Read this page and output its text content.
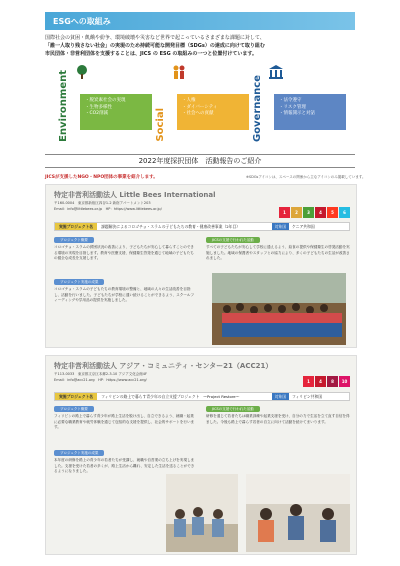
ESGへの取組み
国際社会の貧困・飢餓や紛争、環境破壊や災害など世界で起こっているさまざまな課題に対して、
「誰一人取り残さない社会」の実現のため持続可能な開発目標（SDGs）の達成に向けて取り組む
市民団体・非営利団体を支援することは、JICS の ESG の取組みの一つと位置付けています。
Environment	・脱炭素社会の実現
・生物多様性
・CO2削減	Social
・人権
・ダイバーシティ
・社会への貢献	Governance	・法令遵守
・リスク管理
・情報開示と対話
2022年度採択団体　活動報告のご紹介
JICSが支援したNGO・NPO団体の事業を紹介します。	※SDGsアイコンは、スペースの関係から主なアイコンのみ掲載しています。
特定非営利活動法人 Little Bees International
〒160-0004　東京都新宿区四谷1-2 新宿アパートメント203
Email：info@littlebees.or.jp　HP：https://www.littlebees.or.jp/
1	2	3	4	5	6
実施プロジェクト名	課題解決によるコロゴチョ・スラムの子どもたちの教育・健康改善事業（2年目）	対象国	ケニア共和国
プロジェクト概要
コロゴチョ・スラムの貧困状況の改善により、子どもたちが安心して暮らすことのできる環境の実現を目指します。教育や医療支援、保健衛生啓発を通じて地域の子どもたちの健全な成長を支援します。
プロジェクト実施の成果
コロゴチョ・スラムの子どもたちの教育環境の整備と、地域の人々の生活改善を目指し、活動を行いました。子どもたちが学校に通い続けることができるよう、スクールフィーディングや学用品の提供を実施しました。
JICSの支援で行われた活動
すべての子どもたちが安心して学校に通えるよう、給食の提供や保健衛生の啓発活動を実施しました。地域の保護者やスタッフとの協力により、多くの子どもたちの生活が改善されました。
特定非営利活動法人 アジア・コミュニティ・センター21（ACC21）
〒113-0033　東京都文京区本郷2-3-10 アジア文化会館4F
Email：info@acc21.org　HP：https://www.acc21.org/	1	4	8	10
実施プロジェクト名	フィリピンの路上で暮らす青少年の自立支援プロジェクト　～Project Restore～	対象国	フィリピン共和国
プロジェクト概要
フィリピンの路上で暮らす青少年が路上生活を脱け出し、自立できるよう、就職・起業に必要な職業教育や就労体験を通じて包括的な支援を提供し、社会的サポートを行います。
プロジェクト実施の成果
本年度の研修を路上の青少年の若者たちが受講し、就職や自営業の立ち上げを実現しました。支援を受けた若者の多くが、路上生活から離れ、安定した生活を送ることができるようになりました。
JICSの支援で行われた活動
研修を通じて若者たちは職業訓練や起業支援を受け、自分の力で生活を立て直す自信を得ました。今後も路上で暮らす若者の自立に向けて活動を続けてまいります。
